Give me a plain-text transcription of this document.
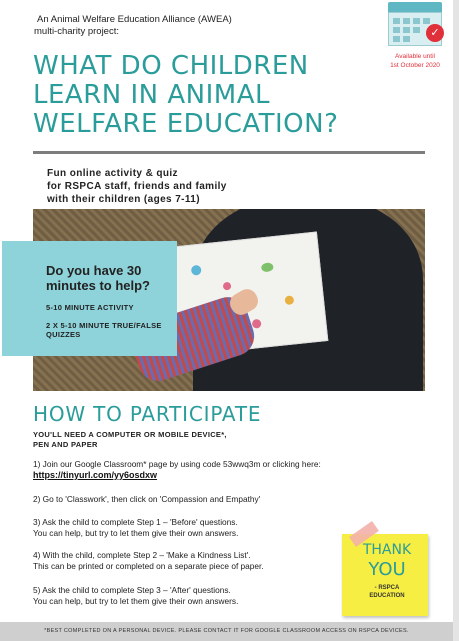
An Animal Welfare Education Alliance (AWEA)
multi-charity project:	✓
Available until
1st October 2020
WHAT DO CHILDREN
LEARN IN ANIMAL
WELFARE EDUCATION?
Fun online activity & quiz
for RSPCA staff, friends and family
with their children (ages 7-11)
Do you have 30 minutes to help?
5-10 MINUTE ACTIVITY
2 X 5-10 MINUTE TRUE/FALSE QUIZZES
HOW TO PARTICIPATE
YOU'LL NEED A COMPUTER OR MOBILE DEVICE*,
PEN AND PAPER
1) Join our Google Classroom* page by using code 53wwq3m or clicking here:
https://tinyurl.com/yy6osdxw
2) Go to 'Classwork', then click on 'Compassion and Empathy'
3) Ask the child to complete Step 1 – 'Before' questions.
You can help, but try to let them give their own answers.
4) With the child, complete Step 2 – 'Make a Kindness List'.
This can be printed or completed on a separate piece of paper.
5) Ask the child to complete Step 3 – 'After' questions.
You can help, but try to let them give their own answers.
THANK
YOU
- RSPCA
EDUCATION
*BEST COMPLETED ON A PERSONAL DEVICE. PLEASE CONTACT IT FOR GOOGLE CLASSROOM ACCESS ON RSPCA DEVICES.
